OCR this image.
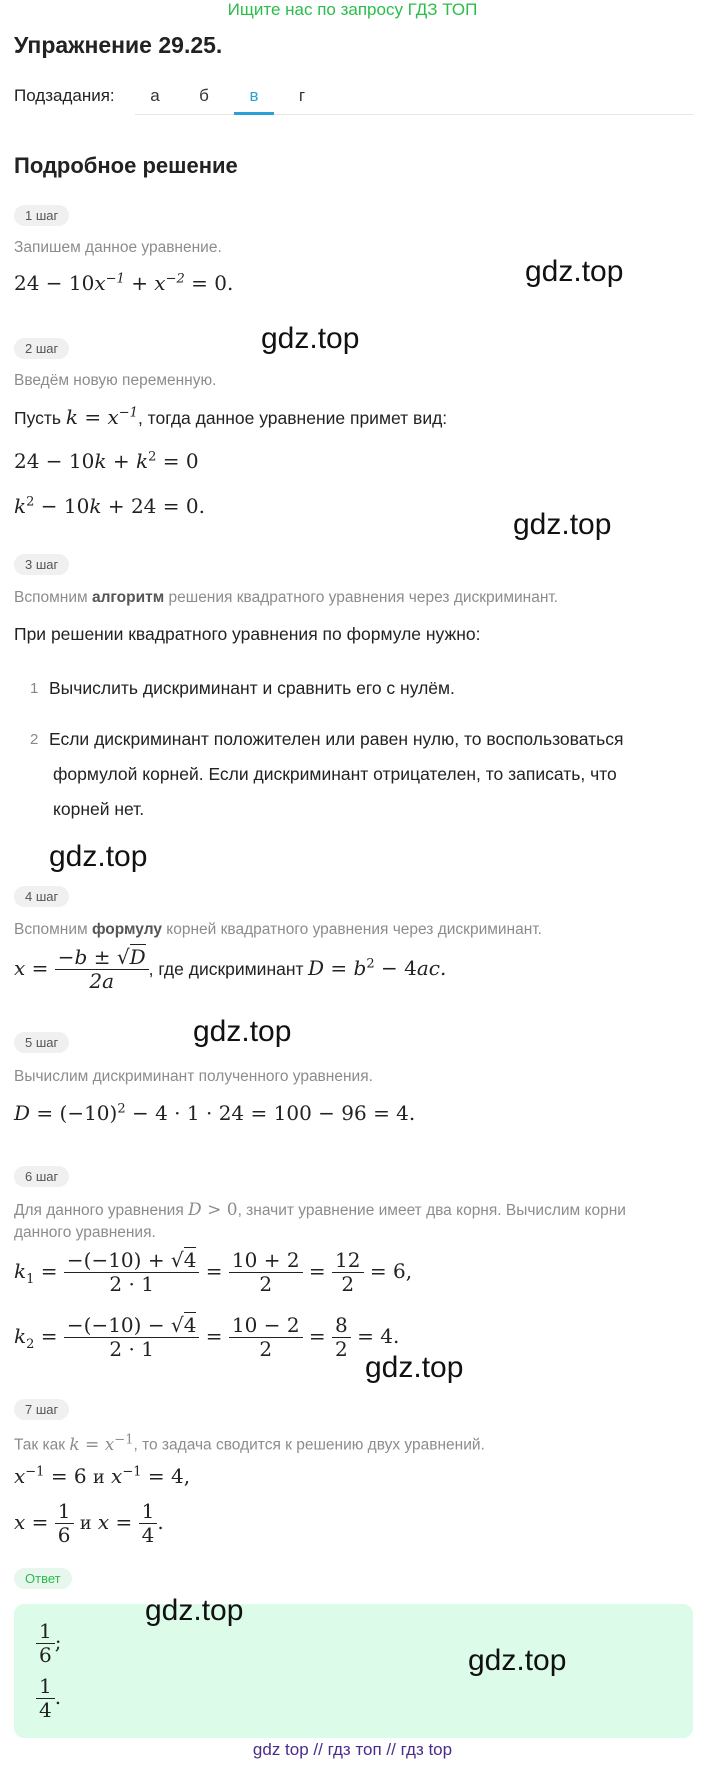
Ищите нас по запросу ГДЗ ТОП
Упражнение 29.25.
Подзадания:	а	б	в	г
Подробное решение
1 шаг
Запишем данное уравнение.
$24 - 10x^{-1} + x^{-2} = 0$.
2 шаг
Введём новую переменную.
Пусть $k = x^{-1}$, тогда данное уравнение примет вид:
$24 - 10k + k^2 = 0$
$k^2 - 10k + 24 = 0$.
3 шаг
Вспомним алгоритм решения квадратного уравнения через дискриминант.
При решении квадратного уравнения по формуле нужно:
1 Вычислить дискриминант и сравнить его с нулём.
2 Если дискриминант положителен или равен нулю, то воспользоваться
формулой корней. Если дискриминант отрицателен, то записать, что
корней нет.
4 шаг
Вспомним формулу корней квадратного уравнения через дискриминант.
$x = \frac{-b \pm √D}{2a}$ , где дискриминант $D = b^2 - 4ac$.
5 шаг
Вычислим дискриминант полученного уравнения.
$D = (-10)^2 - 4 \cdot 1 \cdot 24 = 100 - 96 = 4$.
6 шаг
Для данного уравнения D > 0, значит уравнение имеет два корня. Вычислим корни
данного уравнения.
$k_1 = \frac{-(-10) + √4}{2 \cdot 1} = \frac{10 + 2}{2} = \frac{12}{2} = 6$,
$k_2 = \frac{-(-10) - √4}{2 \cdot 1} = \frac{10 - 2}{2} = \frac{8}{2} = 4$.
7 шаг
Так как $k = x^{-1}$, то задача сводится к решению двух уравнений.
$x^{-1} = 6$ и $x^{-1} = 4$,
$x = \frac{1}{6}$ и $x = \frac{1}{4}$ .
Ответ
$\frac{1}{6}$ ;
$\frac{1}{4}$ .
gdz.top
gdz.top
gdz.top
gdz.top
gdz.top
gdz.top
gdz.top
gdz.top
gdz top // гдз топ // гдз top
